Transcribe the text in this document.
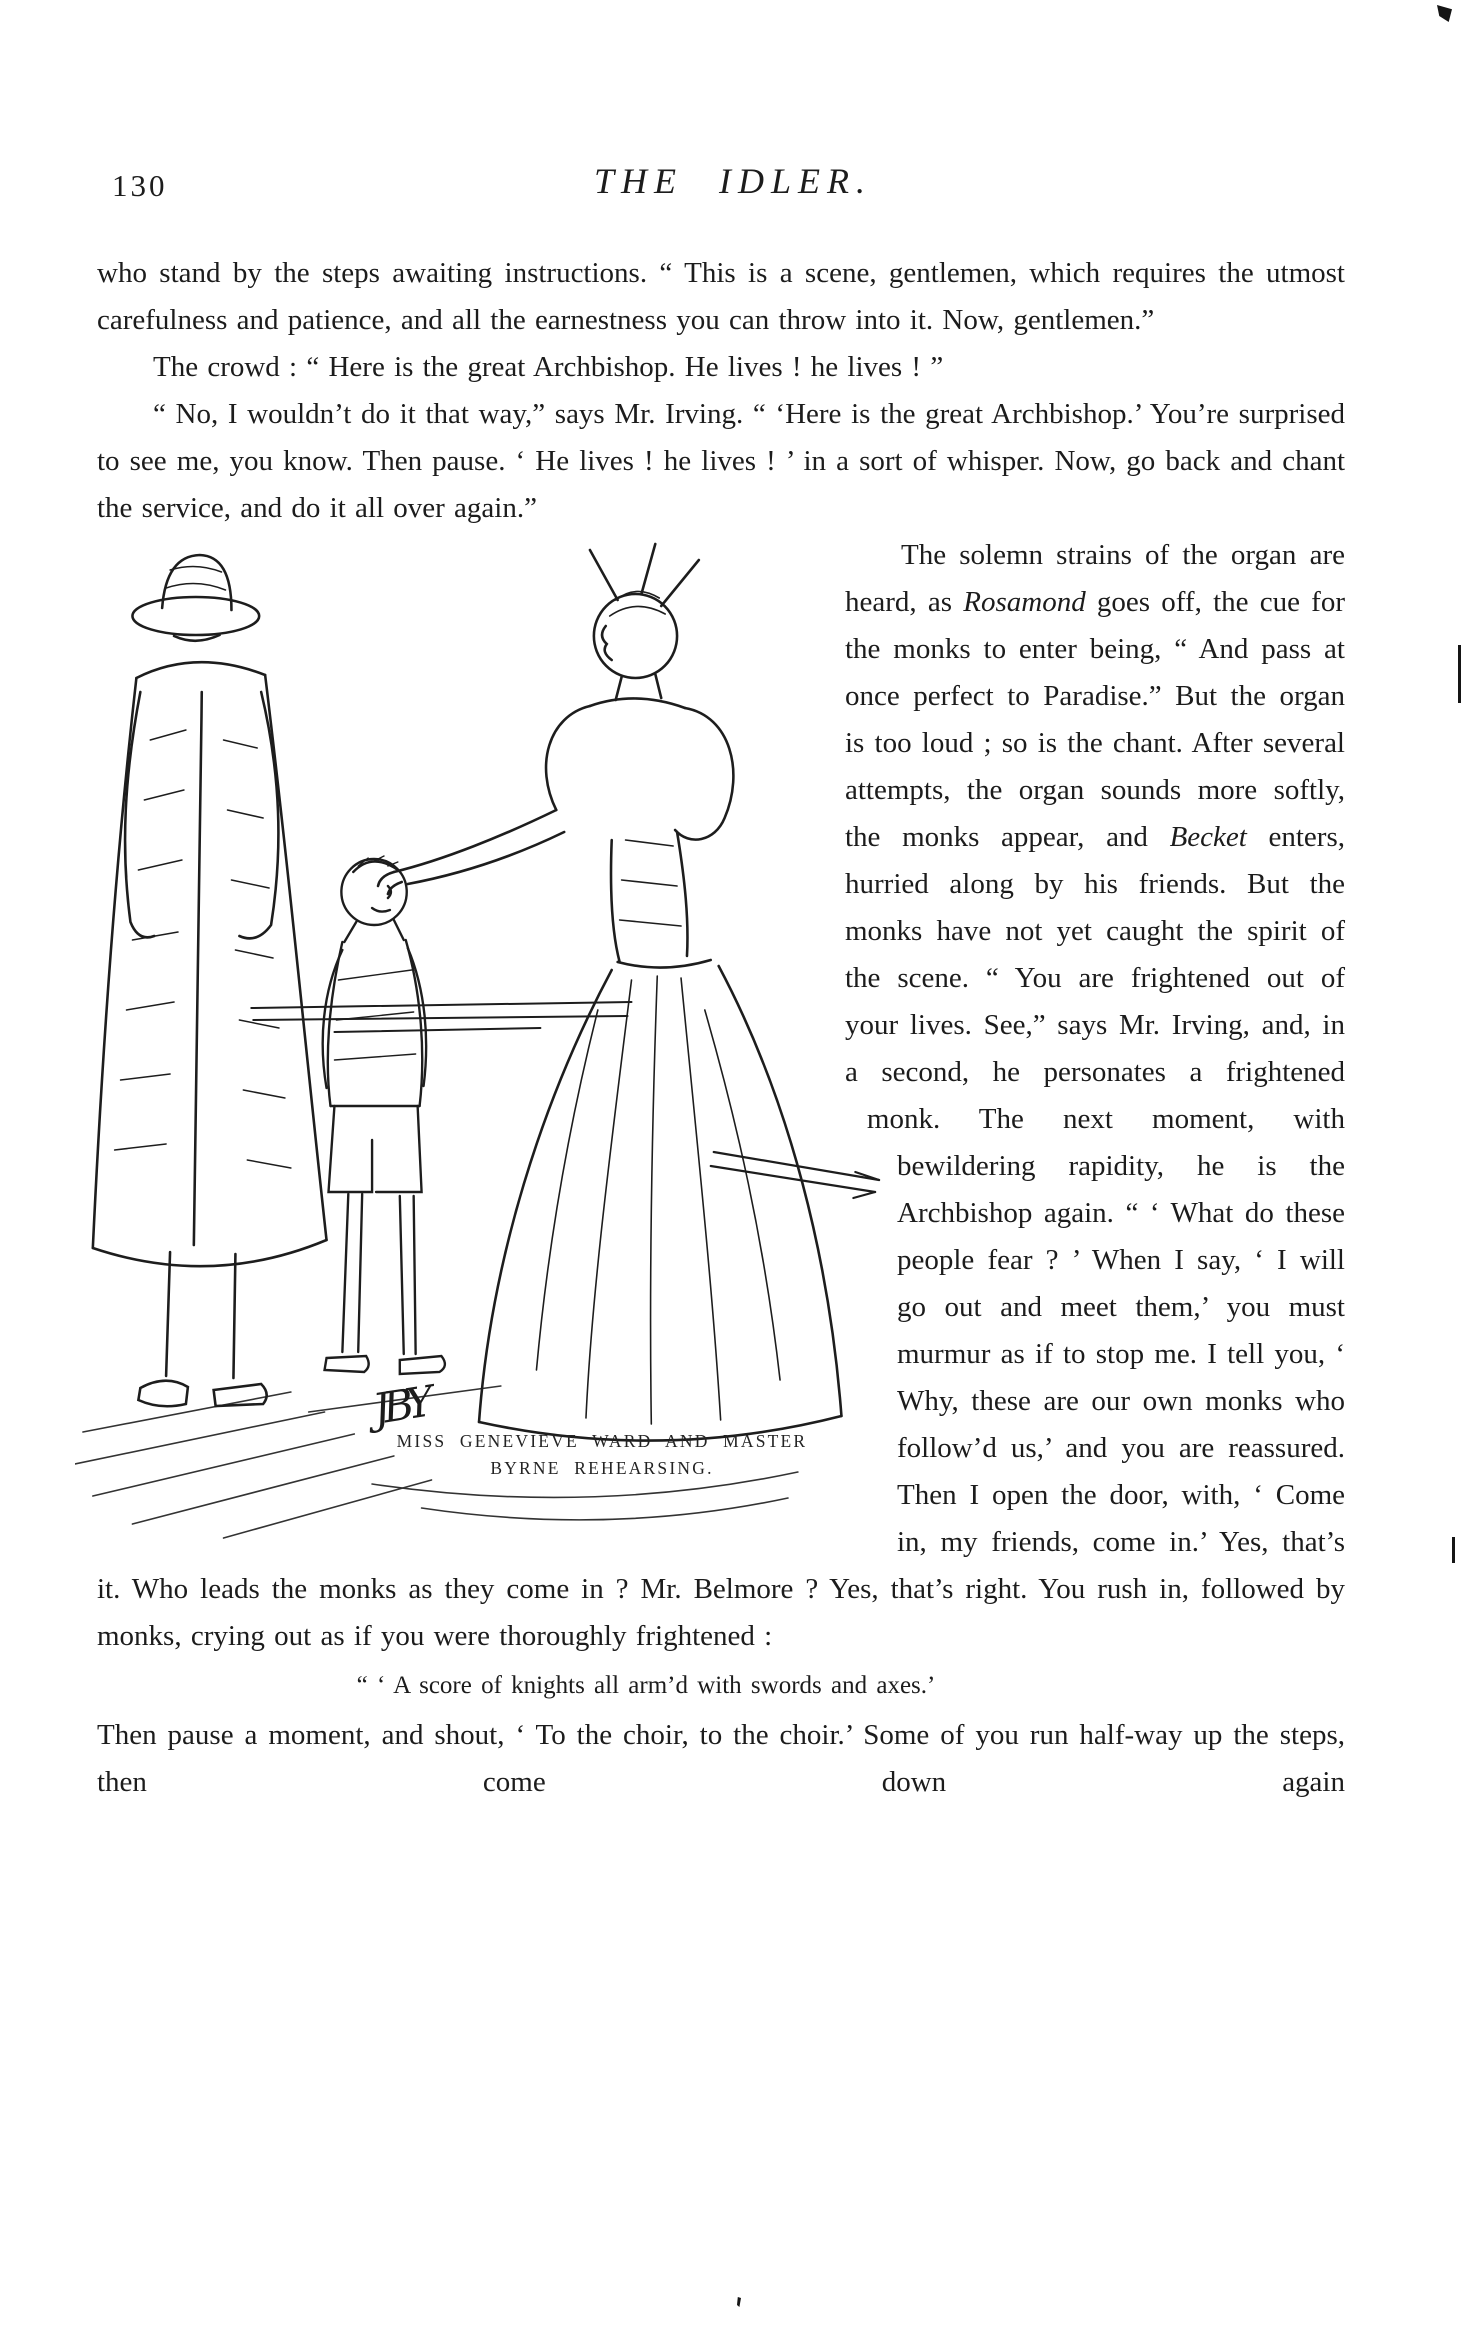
130	THE IDLER.

who stand by the steps awaiting instructions. “ This is a scene, gentlemen, which requires the utmost carefulness and patience, and all the earnestness you can throw into it. Now, gentlemen.”

The crowd : “ Here is the great Archbishop. He lives ! he lives ! ”

“ No, I wouldn’t do it that way,” says Mr. Irving. “ ‘Here is the great Archbishop.’ You’re surprised to see me, you know. Then pause. ‘ He lives ! he lives ! ’ in a sort of whisper. Now, go back and chant the service, and do it all over again.”

JBY
MISS GENEVIEVE WARD AND MASTER
BYRNE REHEARSING.

The solemn strains of the organ are heard, as Rosamond goes off, the cue for the monks to enter being, “ And pass at once perfect to Paradise.” But the organ is too loud ; so is the chant. After several attempts, the organ sounds more softly, the monks appear, and Becket enters, hurried along by his friends. But the monks have not yet caught the spirit of the scene. “ You are frightened out of your lives. See,” says Mr. Irving, and, in a second, he personates a frightened monk. The next moment, with bewildering rapidity, he is the Archbishop again. “ ‘ What do these people fear ? ’ When I say, ‘ I will go out and meet them,’ you must murmur as if to stop me. I tell you, ‘ Why, these are our own monks who follow’d us,’ and you are reassured. Then I open the door, with, ‘ Come in, my friends, come in.’ Yes, that’s it. Who leads the monks as they come in ? Mr. Belmore ? Yes, that’s right. You rush in, followed by monks, crying out as if you were thoroughly frightened :

“ ‘ A score of knights all arm’d with swords and axes.’

Then pause a moment, and shout, ‘ To the choir, to the choir.’ Some of you run half-way up the steps, then come down again
